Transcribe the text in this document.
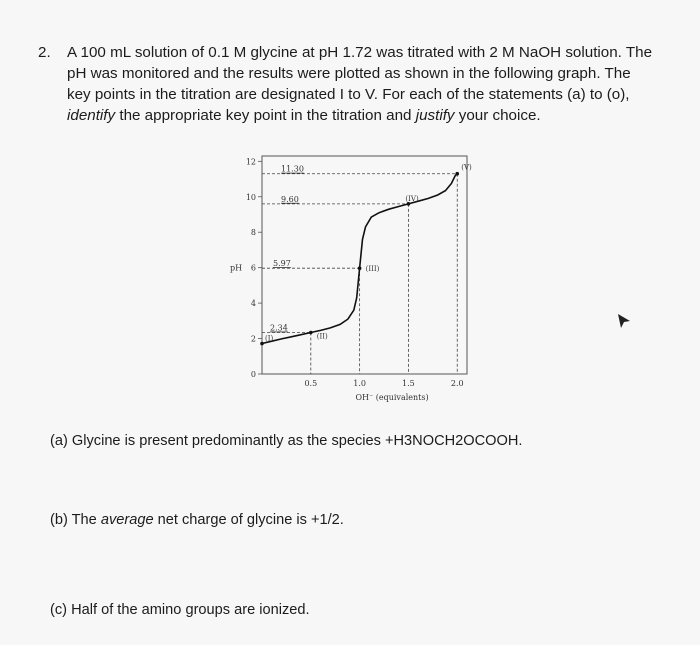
2. A 100 mL solution of 0.1 M glycine at pH 1.72 was titrated with 2 M NaOH solution. The
pH was monitored and the results were plotted as shown in the following graph. The
key points in the titration are designated I to V. For each of the statements (a) to (o),
identify the appropriate key point in the titration and justify your choice.
0
2
4
6
8
10
12
0.5	1.0	1.5	2.0
pH
OH⁻ (equivalents)
11.30
9.60
5.97
2.34
(I)	(II)
(III)
(IV)
(V)
(a) Glycine is present predominantly as the species +H3NOCH2OCOOH.
(b) The average net charge of glycine is +1/2.
(c) Half of the amino groups are ionized.
